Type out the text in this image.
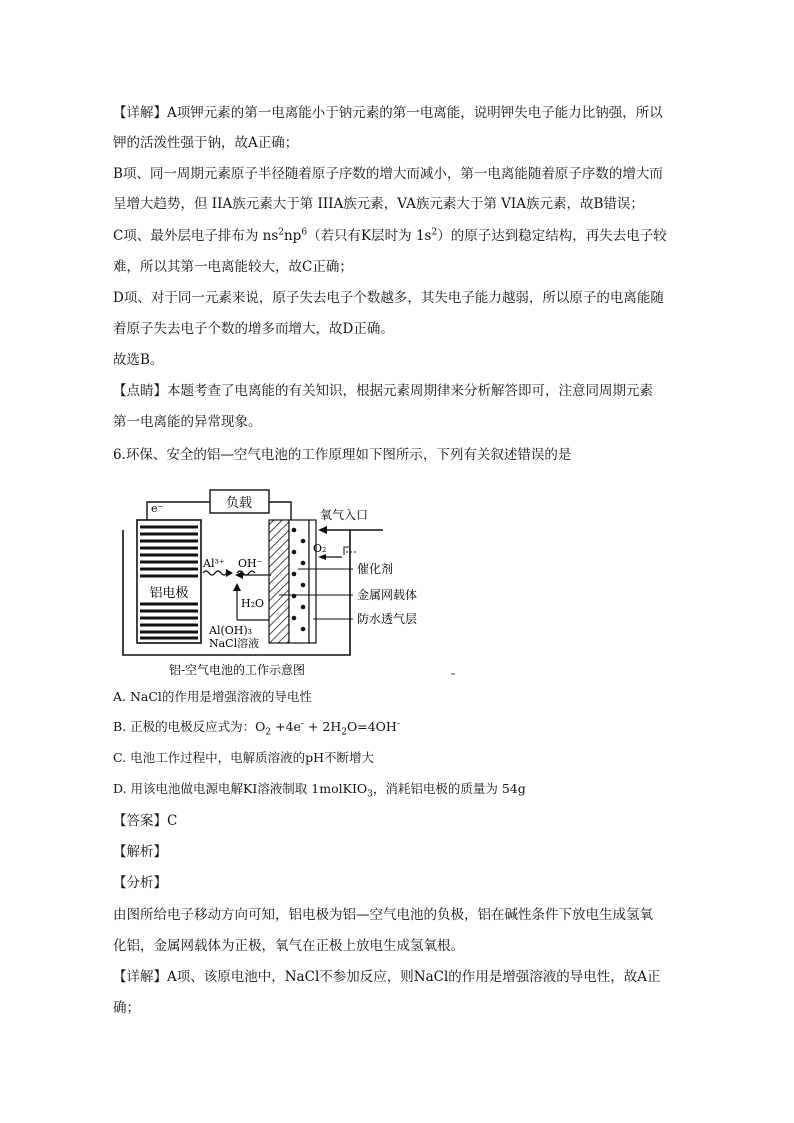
【详解】A项钾元素的第一电离能小于钠元素的第一电离能，说明钾失电子能力比钠强，所以
钾的活泼性强于钠，故A正确；
B项、同一周期元素原子半径随着原子序数的增大而减小，第一电离能随着原子序数的增大而
呈增大趋势，但 IIA族元素大于第 IIIA族元素，VA族元素大于第 VIA族元素，故B错误；
C项、最外层电子排布为 $ns^2np^6$（若只有K层时为 $1s^2$）的原子达到稳定结构，再失去电子较
难，所以其第一电离能较大，故C正确；
D项、对于同一元素来说，原子失去电子个数越多，其失电子能力越弱，所以原子的电离能随
着原子失去电子个数的增多而增大，故D正确。
故选B。
【点睛】本题考查了电离能的有关知识，根据元素周期律来分析解答即可，注意同周期元素
第一电离能的异常现象。
6.环保、安全的铝—空气电池的工作原理如下图所示，下列有关叙述错误的是
负载
e⁻
铝电极
氧气入口
O₂
Al³⁺ OH⁻
H₂O
Al(OH)₃
NaCl溶液
催化剂
金属网载体
防水透气层
铝-空气电池的工作示意图
A. NaCl的作用是增强溶液的导电性
B. 正极的电极反应式为：$O_2 +4e^- + 2H_2O=4OH^-$
C. 电池工作过程中，电解质溶液的pH不断增大
D. 用该电池做电源电解KI溶液制取 1molKIO$_3$，消耗铝电极的质量为 54g
【答案】C
【解析】
【分析】
由图所给电子移动方向可知，铝电极为铝—空气电池的负极，铝在碱性条件下放电生成氢氧
化铝，金属网载体为正极，氧气在正极上放电生成氢氧根。
【详解】A项、该原电池中，NaCl不参加反应，则NaCl的作用是增强溶液的导电性，故A正
确；
